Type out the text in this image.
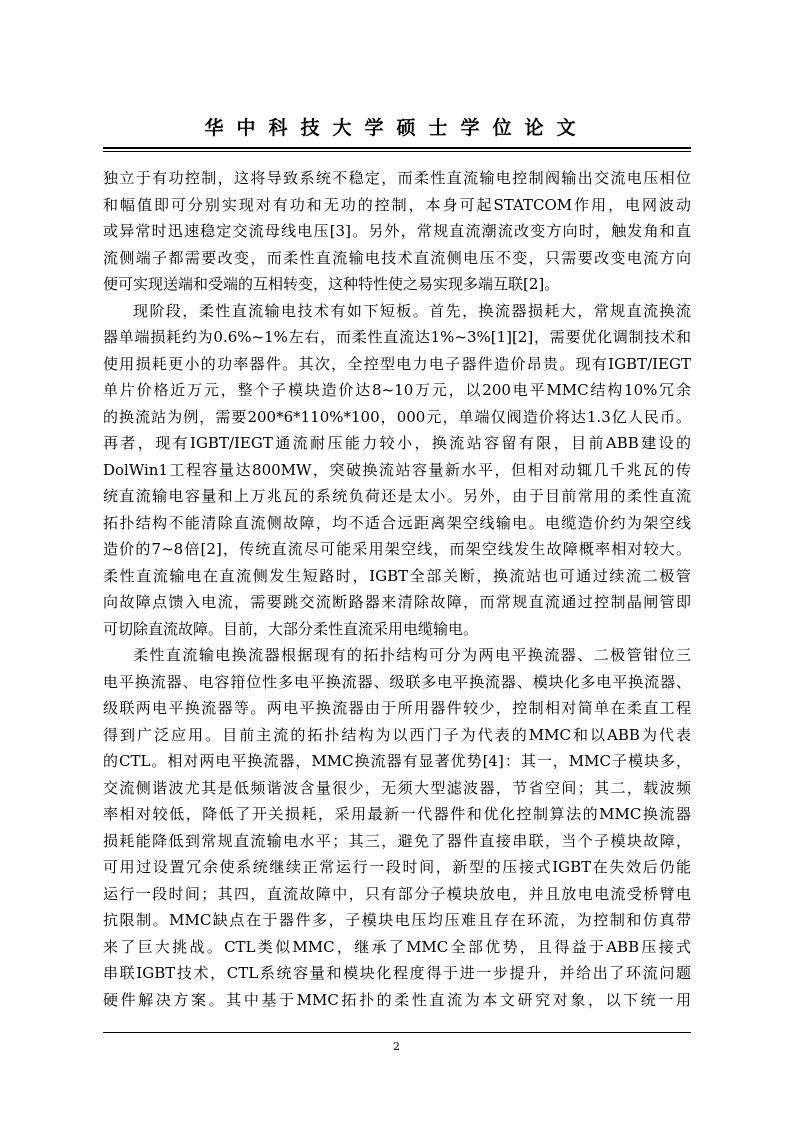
华中科技大学硕士学位论文
独立于有功控制，这将导致系统不稳定，而柔性直流输电控制阀输出交流电压相位
和幅值即可分别实现对有功和无功的控制，本身可起STATCOM作用，电网波动
或异常时迅速稳定交流母线电压[3]。另外，常规直流潮流改变方向时，触发角和直
流侧端子都需要改变，而柔性直流输电技术直流侧电压不变，只需要改变电流方向
便可实现送端和受端的互相转变，这种特性使之易实现多端互联[2]。
现阶段，柔性直流输电技术有如下短板。首先，换流器损耗大，常规直流换流
器单端损耗约为0.6%~1%左右，而柔性直流达1%~3%[1][2]，需要优化调制技术和
使用损耗更小的功率器件。其次，全控型电力电子器件造价昂贵。现有IGBT/IEGT
单片价格近万元，整个子模块造价达8~10万元，以200电平MMC结构10%冗余
的换流站为例，需要200*6*110%*100，000元，单端仅阀造价将达1.3亿人民币。
再者，现有IGBT/IEGT通流耐压能力较小，换流站容留有限，目前ABB建设的
DolWin1工程容量达800MW，突破换流站容量新水平，但相对动辄几千兆瓦的传
统直流输电容量和上万兆瓦的系统负荷还是太小。另外，由于目前常用的柔性直流
拓扑结构不能清除直流侧故障，均不适合远距离架空线输电。电缆造价约为架空线
造价的7~8倍[2]，传统直流尽可能采用架空线，而架空线发生故障概率相对较大。
柔性直流输电在直流侧发生短路时，IGBT全部关断，换流站也可通过续流二极管
向故障点馈入电流，需要跳交流断路器来清除故障，而常规直流通过控制晶闸管即
可切除直流故障。目前，大部分柔性直流采用电缆输电。
柔性直流输电换流器根据现有的拓扑结构可分为两电平换流器、二极管钳位三
电平换流器、电容箝位性多电平换流器、级联多电平换流器、模块化多电平换流器、
级联两电平换流器等。两电平换流器由于所用器件较少，控制相对简单在柔直工程
得到广泛应用。目前主流的拓扑结构为以西门子为代表的MMC和以ABB为代表
的CTL。相对两电平换流器，MMC换流器有显著优势[4]：其一，MMC子模块多，
交流侧谐波尤其是低频谐波含量很少，无须大型滤波器，节省空间；其二，载波频
率相对较低，降低了开关损耗，采用最新一代器件和优化控制算法的MMC换流器
损耗能降低到常规直流输电水平；其三，避免了器件直接串联，当个子模块故障，
可用过设置冗余使系统继续正常运行一段时间，新型的压接式IGBT在失效后仍能
运行一段时间；其四，直流故障中，只有部分子模块放电，并且放电电流受桥臂电
抗限制。MMC缺点在于器件多，子模块电压均压难且存在环流，为控制和仿真带
来了巨大挑战。CTL类似MMC，继承了MMC全部优势，且得益于ABB压接式
串联IGBT技术，CTL系统容量和模块化程度得于进一步提升，并给出了环流问题
硬件解决方案。其中基于MMC拓扑的柔性直流为本文研究对象，以下统一用
2
